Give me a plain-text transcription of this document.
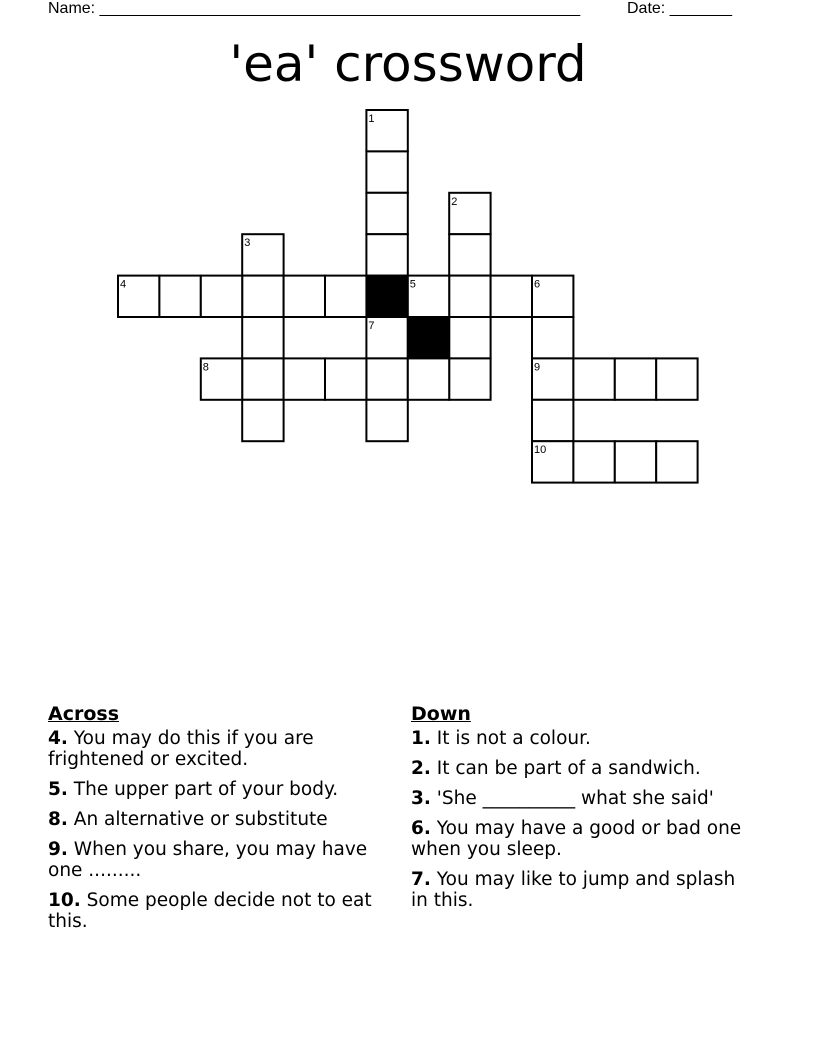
Name: ______________________________________________________	Date: _______
'ea' crossword
1
2
3
4	5	6
7
8	9
10
Across
4. You may do this if you are frightened or excited.
5. The upper part of your body.
8. An alternative or substitute
9. When you share, you may have one .........
10. Some people decide not to eat this.
Down
1. It is not a colour.
2. It can be part of a sandwich.
3. 'She __________ what she said'
6. You may have a good or bad one when you sleep.
7. You may like to jump and splash in this.
